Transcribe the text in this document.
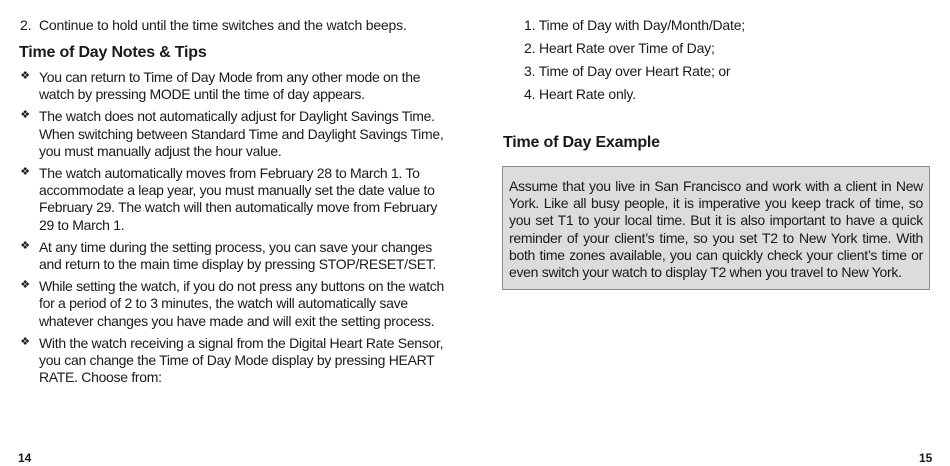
2. Continue to hold until the time switches and the watch beeps.
Time of Day Notes & Tips
❖ You can return to Time of Day Mode from any other mode on the watch by pressing MODE until the time of day appears.
❖ The watch does not automatically adjust for Daylight Savings Time. When switching between Standard Time and Daylight Savings Time, you must manually adjust the hour value.
❖ The watch automatically moves from February 28 to March 1. To accommodate a leap year, you must manually set the date value to February 29. The watch will then automatically move from February 29 to March 1.
❖ At any time during the setting process, you can save your changes and return to the main time display by pressing STOP/RESET/SET.
❖ While setting the watch, if you do not press any buttons on the watch for a period of 2 to 3 minutes, the watch will automatically save whatever changes you have made and will exit the setting process.
❖ With the watch receiving a signal from the Digital Heart Rate Sensor, you can change the Time of Day Mode display by pressing HEART RATE. Choose from:
14
1. Time of Day with Day/Month/Date;
2. Heart Rate over Time of Day;
3. Time of Day over Heart Rate; or
4. Heart Rate only.
Time of Day Example
Assume that you live in San Francisco and work with a client in New York. Like all busy people, it is imperative you keep track of time, so you set T1 to your local time. But it is also important to have a quick reminder of your client’s time, so you set T2 to New York time. With both time zones available, you can quickly check your client’s time or even switch your watch to display T2 when you travel to New York.
15
